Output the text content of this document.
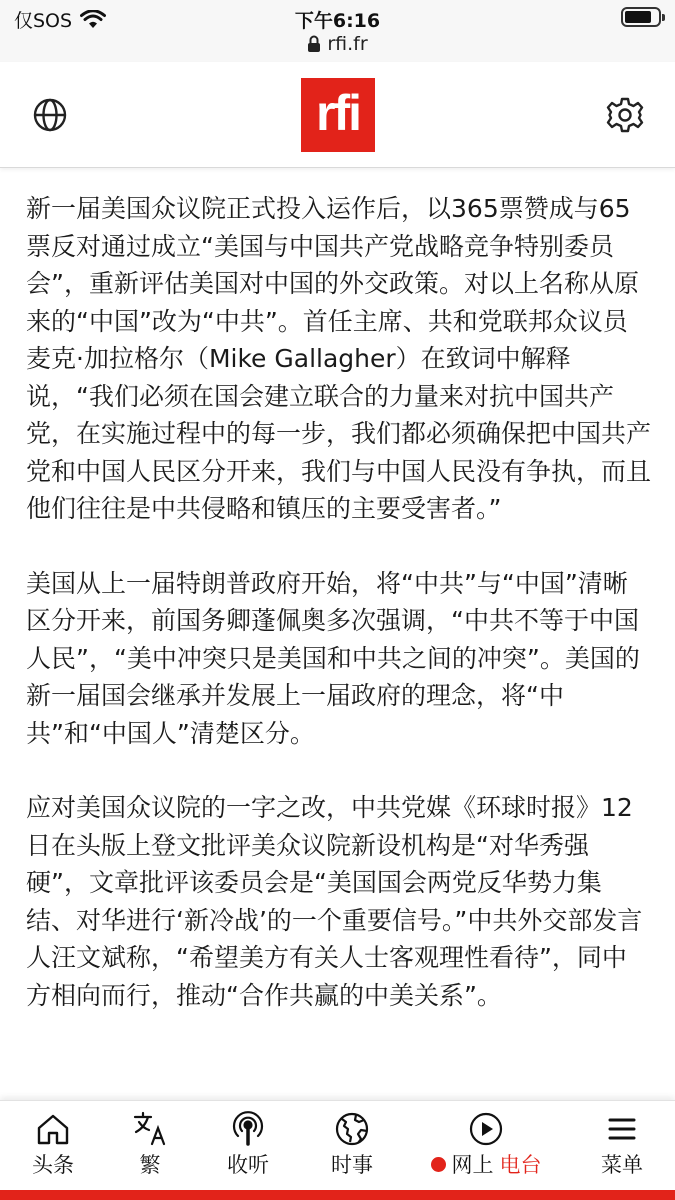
仅SOS	下午6:16
rfi.fr
rfi

新一届美国众议院正式投入运作后，以365票赞成与65票反对通过成立“美国与中国共产党战略竞争特别委员会”，重新评估美国对中国的外交政策。对以上名称从原来的“中国”改为“中共”。首任主席、共和党联邦众议员麦克·加拉格尔（Mike Gallagher）在致词中解释说，“我们必须在国会建立联合的力量来对抗中国共产党，在实施过程中的每一步，我们都必须确保把中国共产党和中国人民区分开来，我们与中国人民没有争执，而且他们往往是中共侵略和镇压的主要受害者。”

美国从上一届特朗普政府开始，将“中共”与“中国”清晰区分开来，前国务卿蓬佩奥多次强调，“中共不等于中国人民”，“美中冲突只是美国和中共之间的冲突”。美国的新一届国会继承并发展上一届政府的理念，将“中共”和“中国人”清楚区分。

应对美国众议院的一字之改，中共党媒《环球时报》12日在头版上登文批评美众议院新设机构是“对华秀强硬”，文章批评该委员会是“美国国会两党反华势力集结、对华进行‘新冷战’的一个重要信号。”中共外交部发言人汪文斌称，“希望美方有关人士客观理性看待”，同中方相向而行，推动“合作共赢的中美关系”。

头条	繁	收听	时事	网上 电台	菜单
